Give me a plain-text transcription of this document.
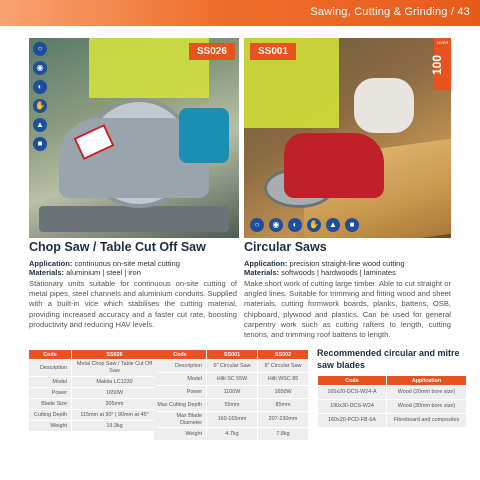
Sawing, Cutting & Grinding / 43
○
◉
◐
✋
▲
■
SS026	SS001
OVER
100
○	◉	◐	✋	▲	■
Chop Saw / Table Cut Off Saw
Application: continuous on-site metal cutting
Materials: aluminium | steel | iron
Stationary units suitable for continuous on-site cutting of metal pipes, steel channels and aluminium conduits. Supplied with a built-in vice which stabilises the cutting material, providing increased accuracy and a faster cut rate, boosting productivity and reducing HAV levels.
Circular Saws
Application: precision straight-line wood cutting
Materials: softwoods | hardwoods | laminates
Make short work of cutting large timber. Able to cut straight or angled lines. Suitable for trimming and fitting wood and sheet materials, cutting formwork boards, planks, battens, OSB, chipboard, plywood and plastics. Can be used for general carpentry work such as cutting rafters to length, cutting tenons, and trimming roof battens to length.
Code	SS026
Description	Metal Chop Saw / Table Cut Off Saw
Model	Makita LC1230
Power	1650W
Blade Size	305mm
Cutting Depth	115mm at 90° | 90mm at 45°
Weight	19.3kg
Code	SS001	SS002
Description	6" Circular Saw	9" Circular Saw
Model	Hilti SC 55W	Hilti WSC 85
Power	1100W	1650W
Max Cutting Depth	55mm	85mm
Max Blade Diameter	160-165mm	207-230mm
Weight	4.7kg	7.8kg
Recommended circular and mitre saw blades
Code	Application
165x20-DCS-W24-A	Wood (20mm bore size)
190x30-DCS-W24	Wood (30mm bore size)
160x20-PCD-FB-6A	Fibreboard and composites
